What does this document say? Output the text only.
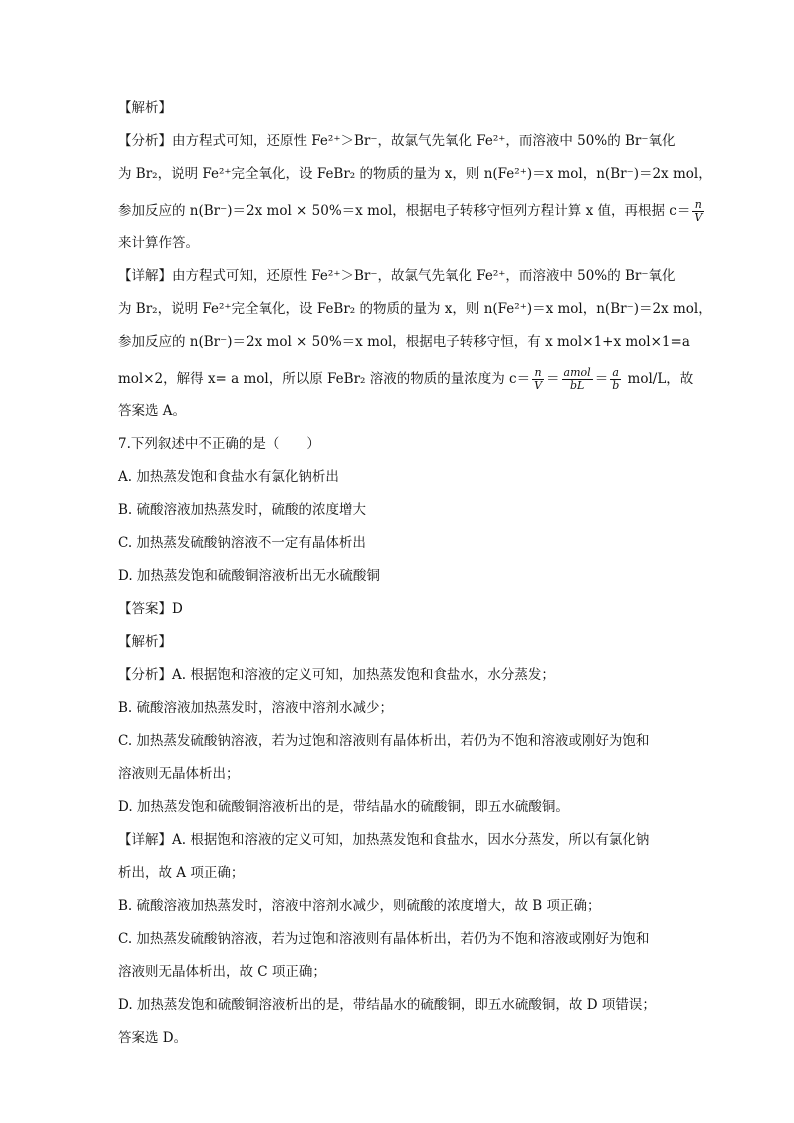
【解析】
【分析】由方程式可知，还原性 Fe²⁺＞Br⁻，故氯气先氧化 Fe²⁺，而溶液中 50%的 Br⁻氧化
为 Br₂，说明 Fe²⁺完全氧化，设 FeBr₂ 的物质的量为 x，则 n(Fe²⁺)＝x mol，n(Br⁻)＝2x mol，
参加反应的 n(Br⁻)＝2x mol × 50%＝x mol，根据电子转移守恒列方程计算 x 值，再根据 $c= \frac{n}{V}$
来计算作答。
【详解】由方程式可知，还原性 Fe²⁺＞Br⁻，故氯气先氧化 Fe²⁺，而溶液中 50%的 Br⁻氧化
为 Br₂，说明 Fe²⁺完全氧化，设 FeBr₂ 的物质的量为 x，则 n(Fe²⁺)＝x mol，n(Br⁻)＝2x mol，
参加反应的 n(Br⁻)＝2x mol × 50%＝x mol，根据电子转移守恒，有 x mol×1+x mol×1=a
mol×2，解得 x= a mol，所以原 FeBr₂ 溶液的物质的量浓度为 $c= \frac{n}{V} = \frac{\text{amol}}{bL} = \frac{a}{b} mol/L$，故
答案选 A。
7.下列叙述中不正确的是（　　）
A. 加热蒸发饱和食盐水有氯化钠析出
B. 硫酸溶液加热蒸发时，硫酸的浓度增大
C. 加热蒸发硫酸钠溶液不一定有晶体析出
D. 加热蒸发饱和硫酸铜溶液析出无水硫酸铜
【答案】D
【解析】
【分析】A. 根据饱和溶液的定义可知，加热蒸发饱和食盐水，水分蒸发；
B. 硫酸溶液加热蒸发时，溶液中溶剂水减少；
C. 加热蒸发硫酸钠溶液，若为过饱和溶液则有晶体析出，若仍为不饱和溶液或刚好为饱和
溶液则无晶体析出；
D. 加热蒸发饱和硫酸铜溶液析出的是，带结晶水的硫酸铜，即五水硫酸铜。
【详解】A. 根据饱和溶液的定义可知，加热蒸发饱和食盐水，因水分蒸发，所以有氯化钠
析出，故 A 项正确；
B. 硫酸溶液加热蒸发时，溶液中溶剂水减少，则硫酸的浓度增大，故 B 项正确；
C. 加热蒸发硫酸钠溶液，若为过饱和溶液则有晶体析出，若仍为不饱和溶液或刚好为饱和
溶液则无晶体析出，故 C 项正确；
D. 加热蒸发饱和硫酸铜溶液析出的是，带结晶水的硫酸铜，即五水硫酸铜，故 D 项错误；
答案选 D。
